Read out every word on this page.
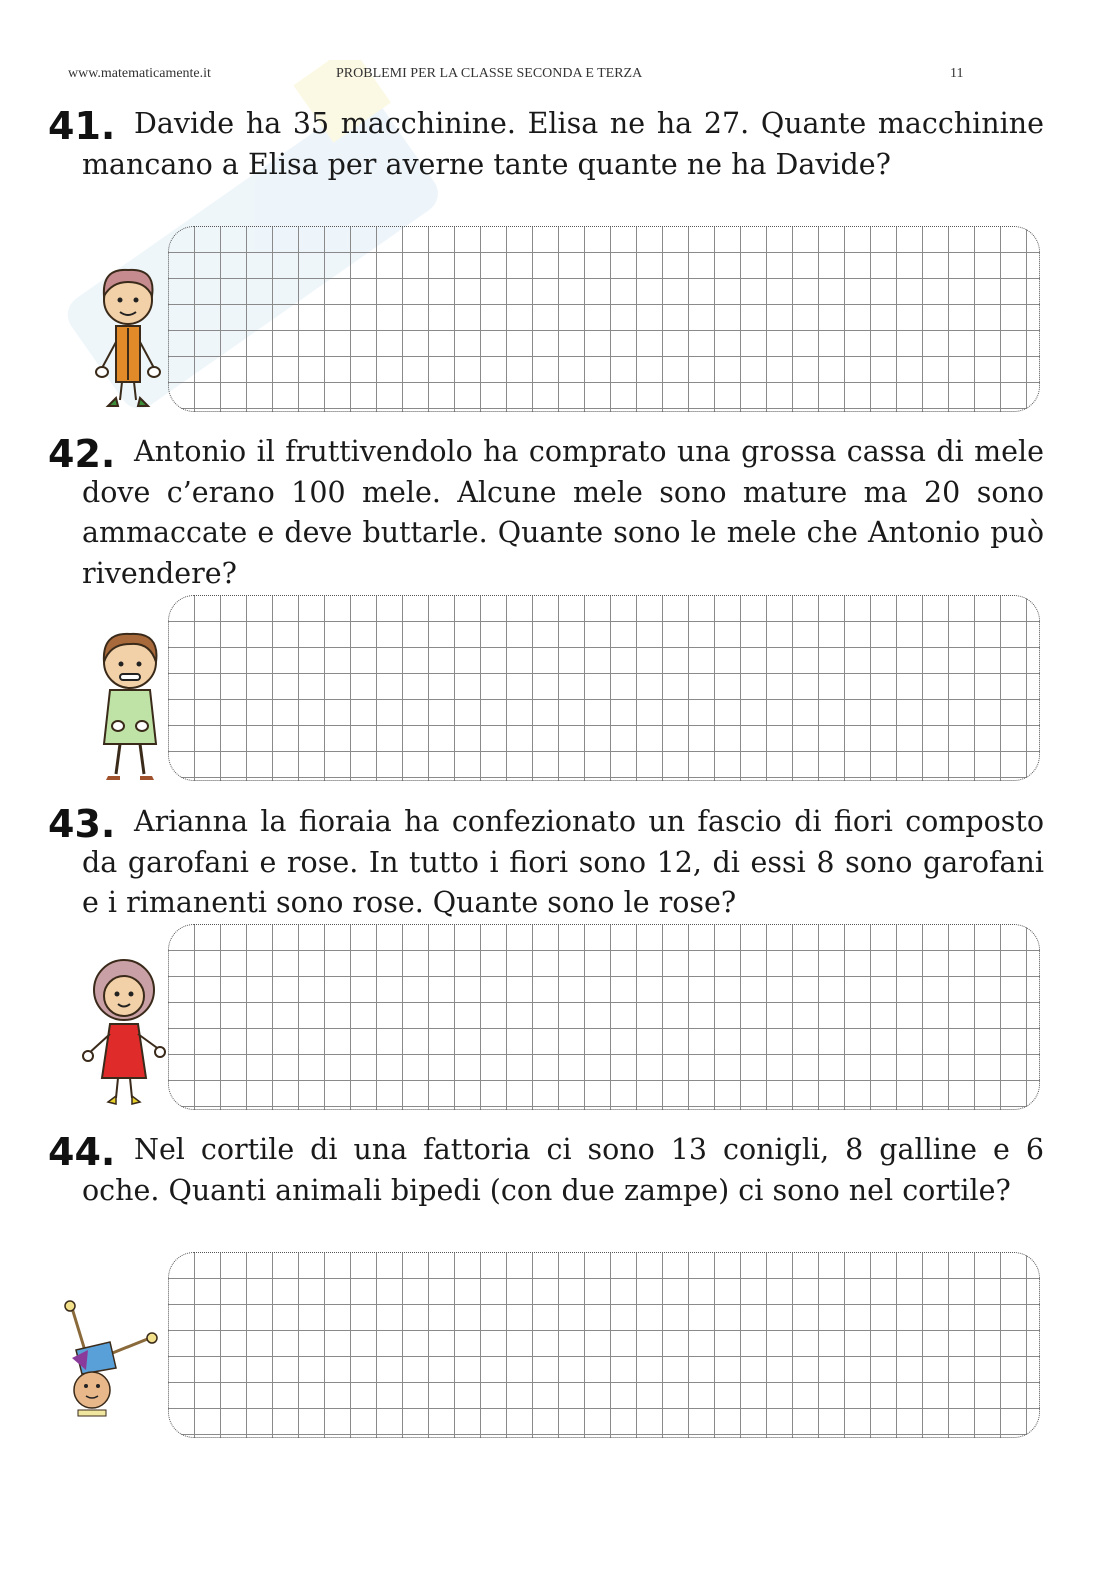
www.matematicamente.it	PROBLEMI PER LA CLASSE SECONDA E TERZA	11
41. Davide ha 35 macchinine. Elisa ne ha 27. Quante macchinine mancano a Elisa per averne tante quante ne ha Davide?

42. Antonio il fruttivendolo ha comprato una grossa cassa di mele dove c’erano 100 mele. Alcune mele sono mature ma 20 sono ammaccate e deve buttarle. Quante sono le mele che Antonio può rivendere?

43. Arianna la fioraia ha confezionato un fascio di fiori composto da garofani e rose. In tutto i fiori sono 12, di essi 8 sono garofani e i rimanenti sono rose. Quante sono le rose?

44. Nel cortile di una fattoria ci sono 13 conigli, 8 galline e 6 oche. Quanti animali bipedi (con due zampe) ci sono nel cortile?
